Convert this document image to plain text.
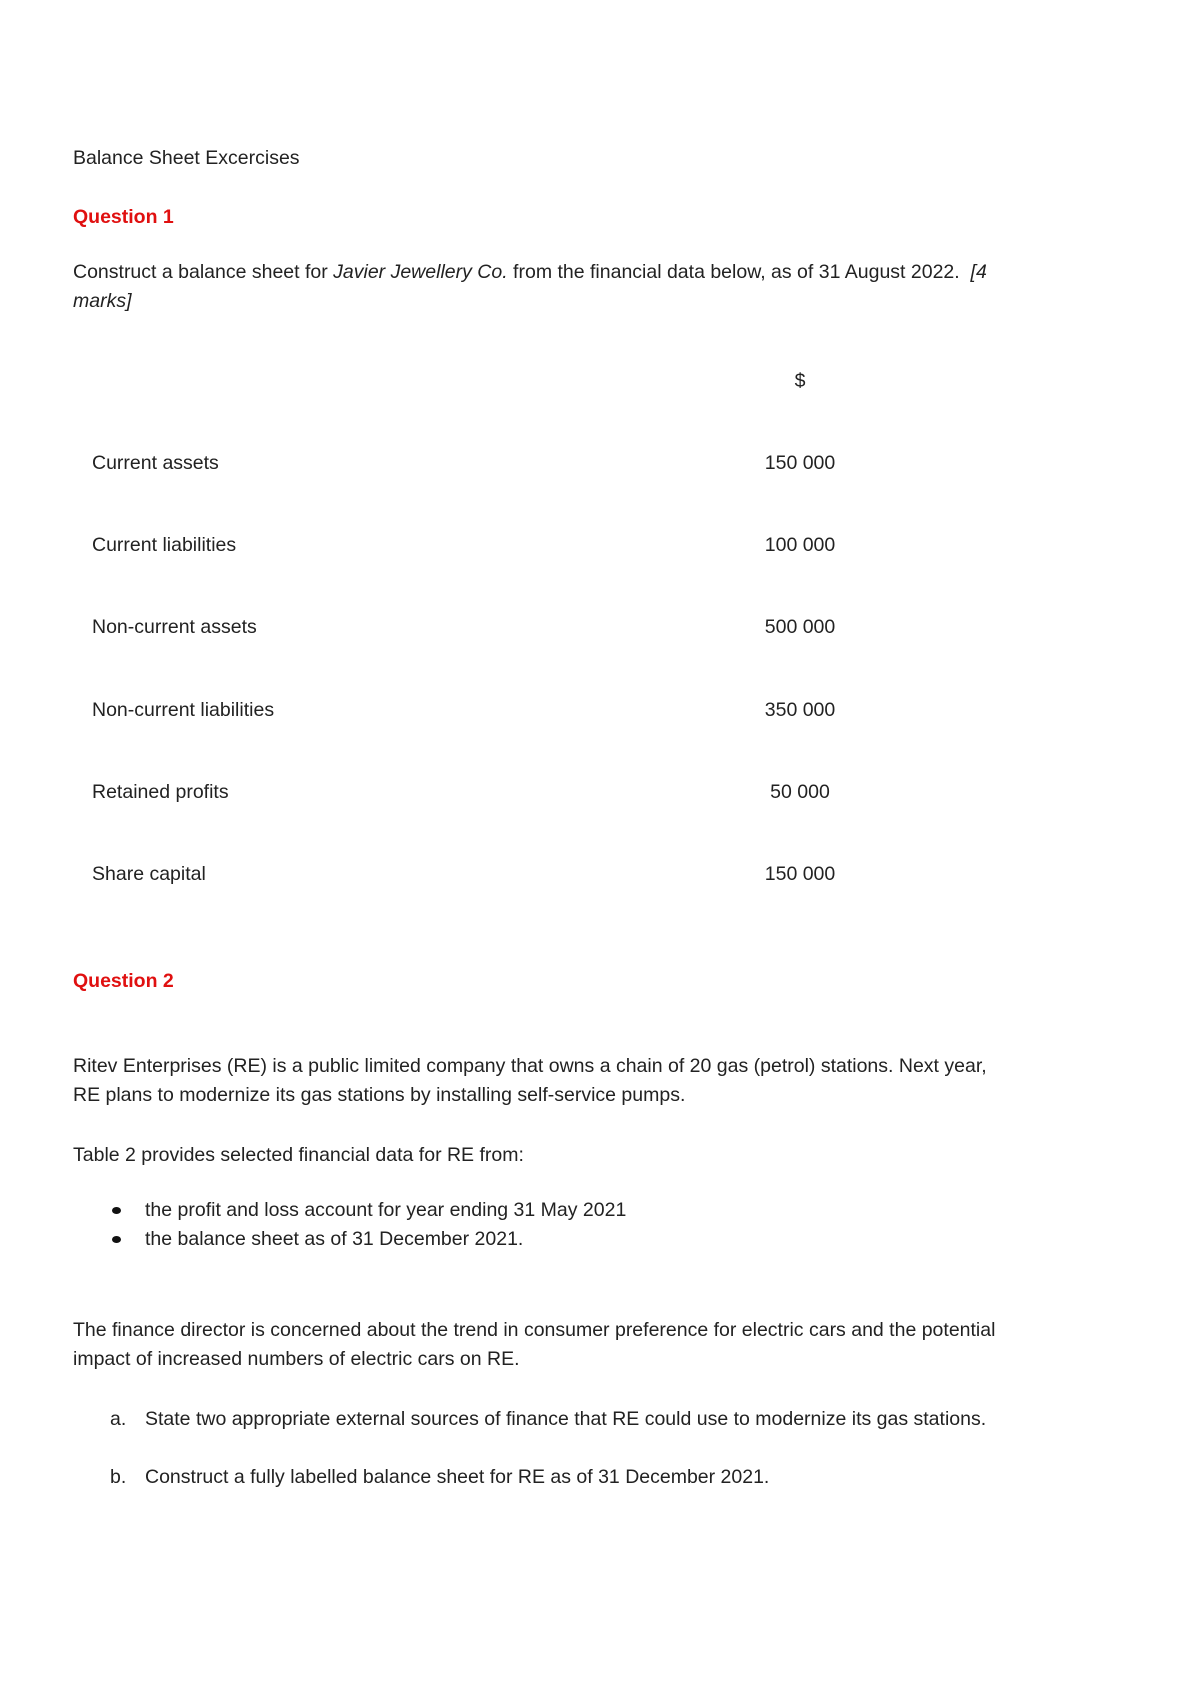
Balance Sheet Excercises
Question 1
Construct a balance sheet for Javier Jewellery Co. from the financial data below, as of 31 August 2022. [4
marks]
$
Current assets	150 000
Current liabilities	100 000
Non-current assets	500 000
Non-current liabilities	350 000
Retained profits	50 000
Share capital	150 000
Question 2
Ritev Enterprises (RE) is a public limited company that owns a chain of 20 gas (petrol) stations. Next year,
RE plans to modernize its gas stations by installing self-service pumps.
Table 2 provides selected financial data for RE from:
the profit and loss account for year ending 31 May 2021
the balance sheet as of 31 December 2021.
The finance director is concerned about the trend in consumer preference for electric cars and the potential
impact of increased numbers of electric cars on RE.
a. State two appropriate external sources of finance that RE could use to modernize its gas stations.
b. Construct a fully labelled balance sheet for RE as of 31 December 2021.
